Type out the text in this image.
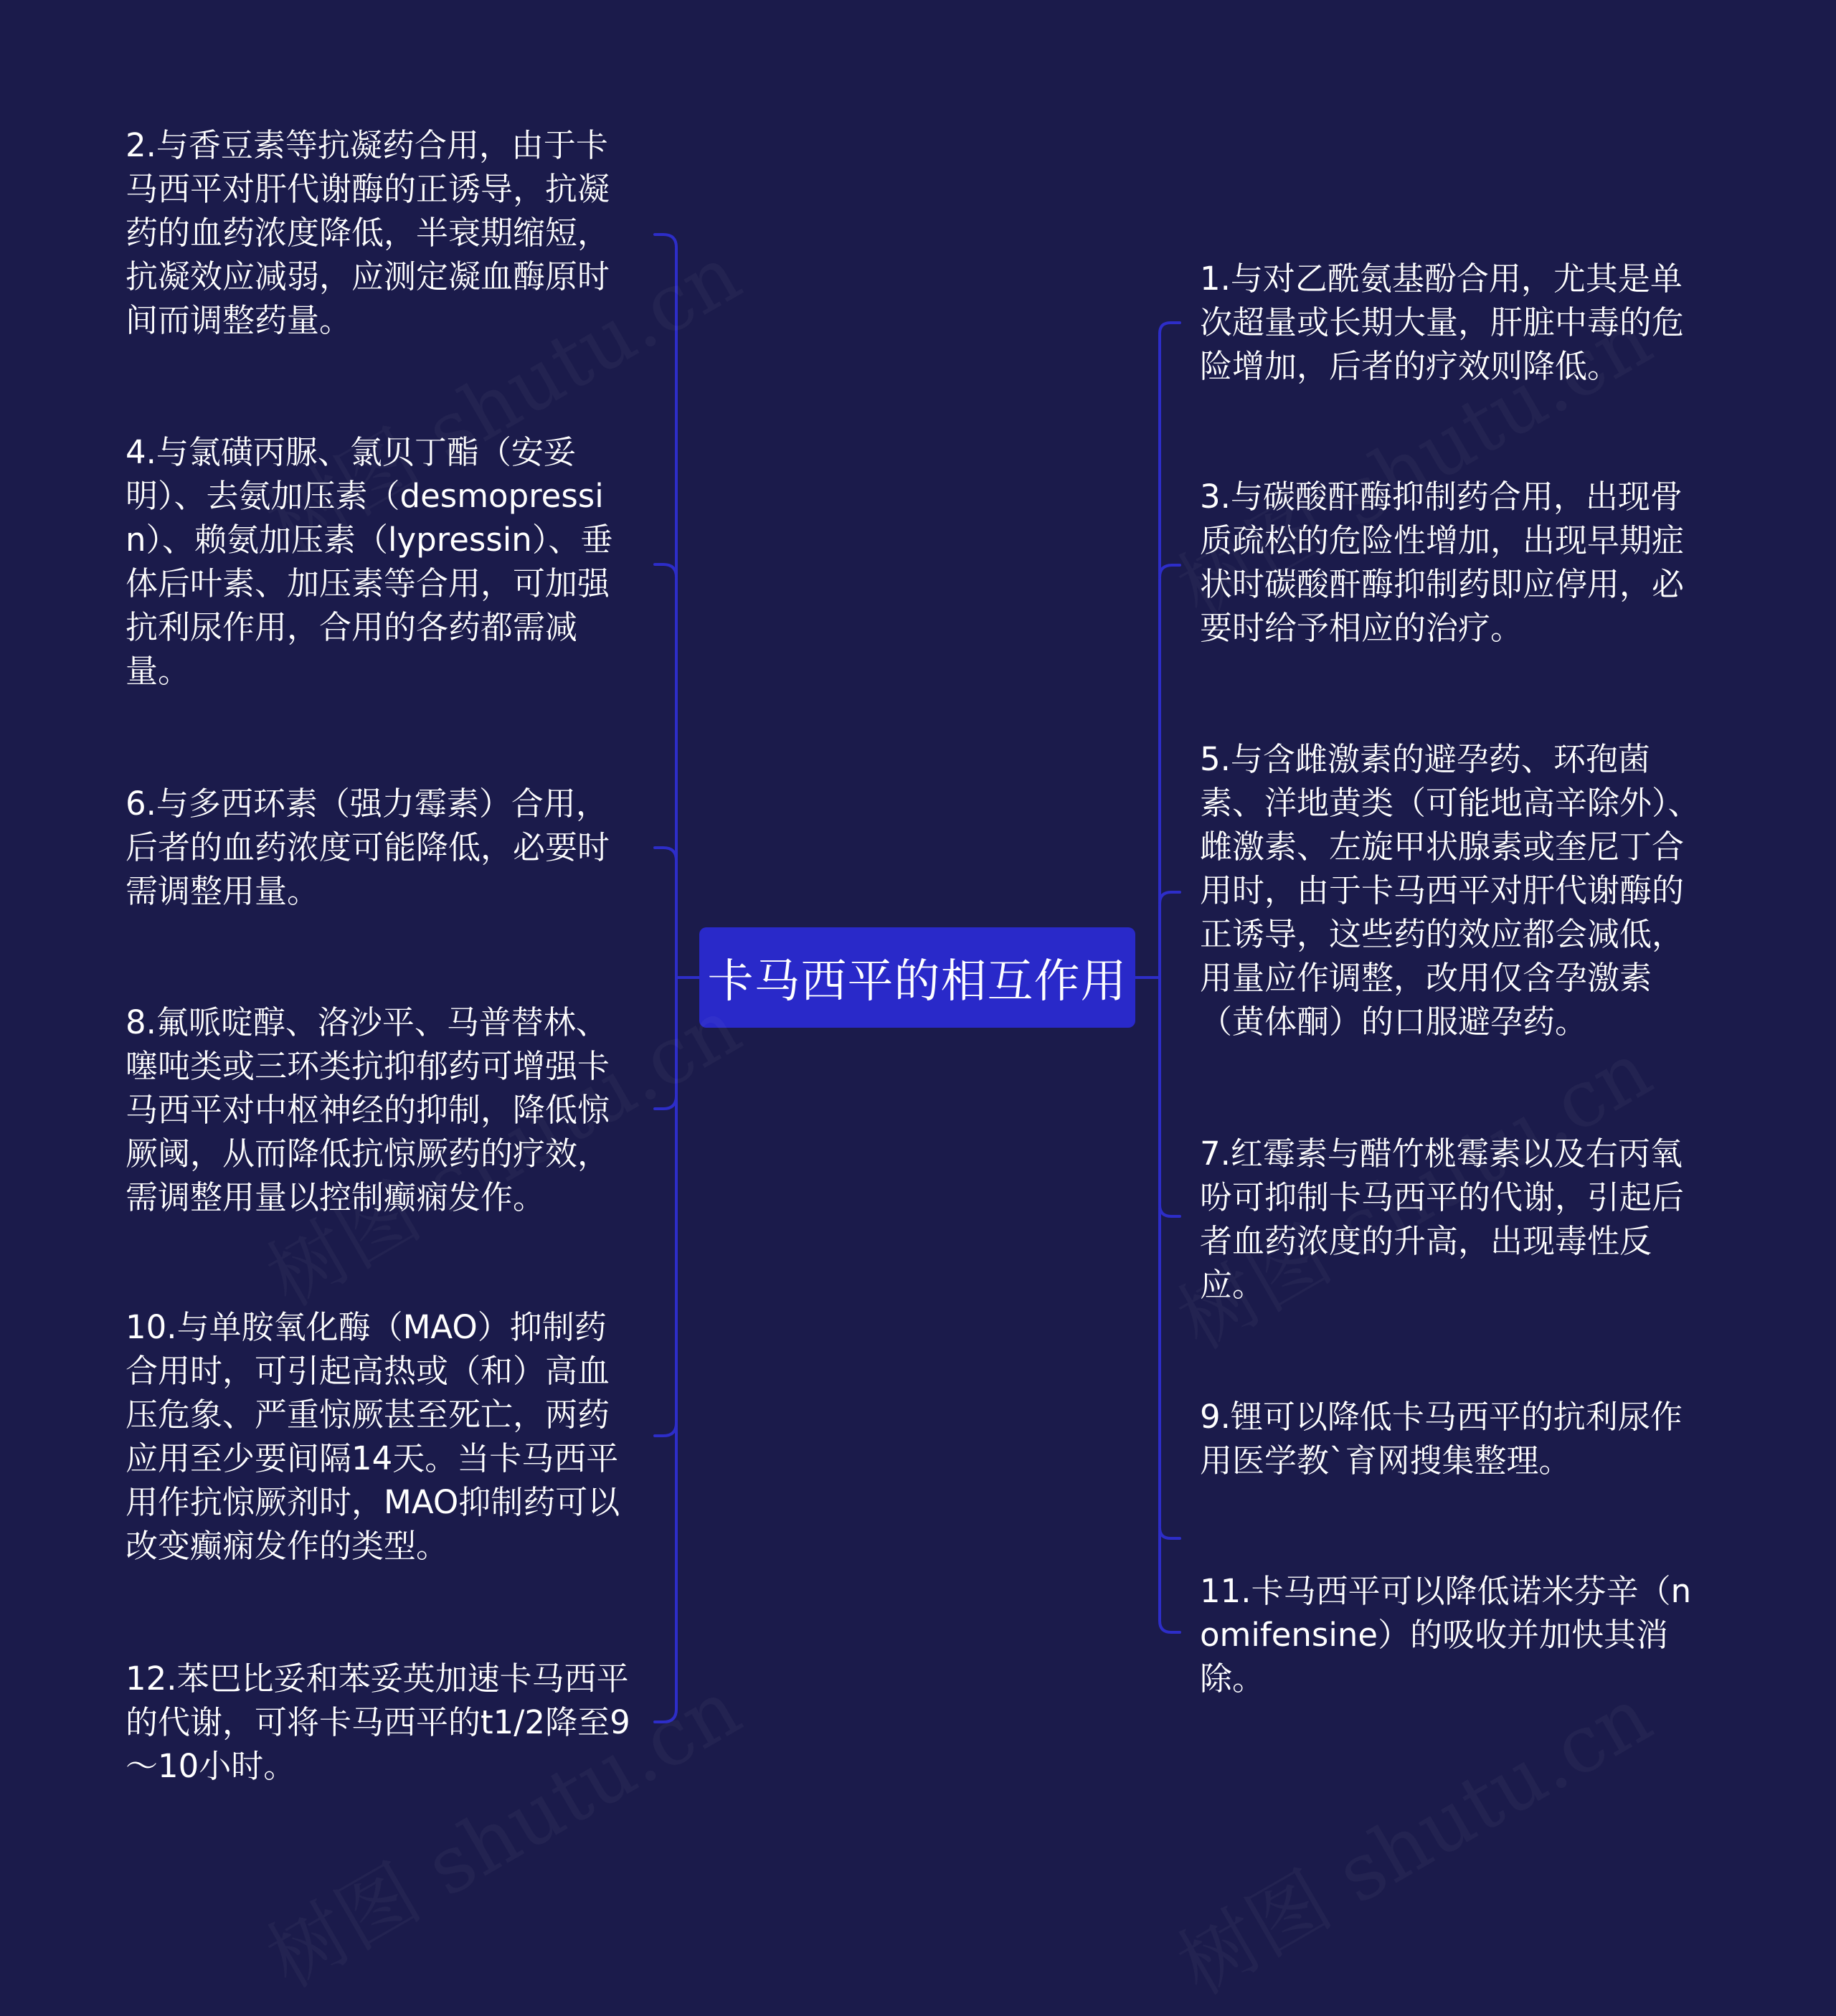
卡马西平的相互作用
2.与香豆素等抗凝药合用，由于卡马西平对肝代谢酶的正诱导，抗凝药的血药浓度降低，半衰期缩短，抗凝效应减弱，应测定凝血酶原时间而调整药量。
4.与氯磺丙脲、氯贝丁酯（安妥明）、去氨加压素（desmopressin）、赖氨加压素（lypressin）、垂体后叶素、加压素等合用，可加强抗利尿作用，合用的各药都需减量。
6.与多西环素（强力霉素）合用，后者的血药浓度可能降低，必要时需调整用量。
8.氟哌啶醇、洛沙平、马普替林、噻吨类或三环类抗抑郁药可增强卡马西平对中枢神经的抑制，降低惊厥阈，从而降低抗惊厥药的疗效，需调整用量以控制癫痫发作。
10.与单胺氧化酶（MAO）抑制药合用时，可引起高热或（和）高血压危象、严重惊厥甚至死亡，两药应用至少要间隔14天。当卡马西平用作抗惊厥剂时，MAO抑制药可以改变癫痫发作的类型。
12.苯巴比妥和苯妥英加速卡马西平的代谢，可将卡马西平的t1/2降至9～10小时。
1.与对乙酰氨基酚合用，尤其是单次超量或长期大量，肝脏中毒的危险增加，后者的疗效则降低。
3.与碳酸酐酶抑制药合用，出现骨质疏松的危险性增加，出现早期症状时碳酸酐酶抑制药即应停用，必要时给予相应的治疗。
5.与含雌激素的避孕药、环孢菌素、洋地黄类（可能地高辛除外）、雌激素、左旋甲状腺素或奎尼丁合用时，由于卡马西平对肝代谢酶的正诱导，这些药的效应都会减低，用量应作调整，改用仅含孕激素（黄体酮）的口服避孕药。
7.红霉素与醋竹桃霉素以及右丙氧吩可抑制卡马西平的代谢，引起后者血药浓度的升高，出现毒性反应。
9.锂可以降低卡马西平的抗利尿作用医学教`育网搜集整理。
11.卡马西平可以降低诺米芬辛（nomifensine）的吸收并加快其消除。
